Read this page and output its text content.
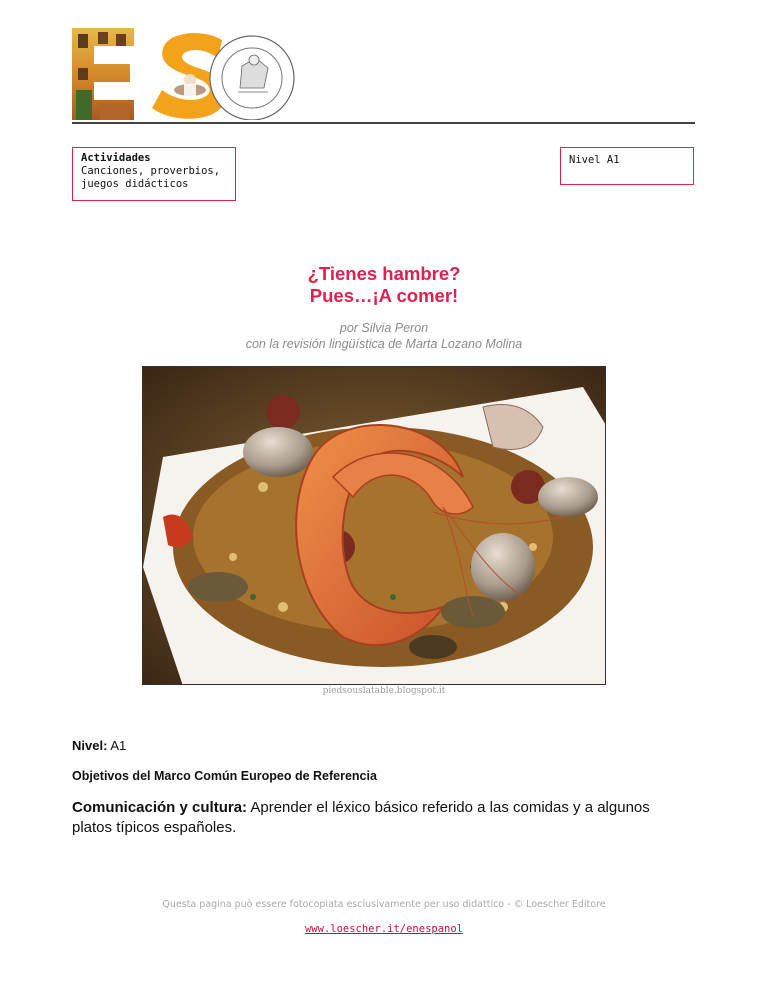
Actividades
Canciones, proverbios,
juegos didácticos
Nivel A1
¿Tienes hambre?
Pues…¡A comer!
por Silvia Peron
con la revisión lingüística de Marta Lozano Molina
piedsouslatable.blogspot.it
Nivel: A1
Objetivos del Marco Común Europeo de Referencia
Comunicación y cultura: Aprender el léxico básico referido a las comidas y a algunos platos típicos españoles.
Questa pagina può essere fotocopiata esclusivamente per uso didattico - © Loescher Editore
www.loescher.it/enespanol
